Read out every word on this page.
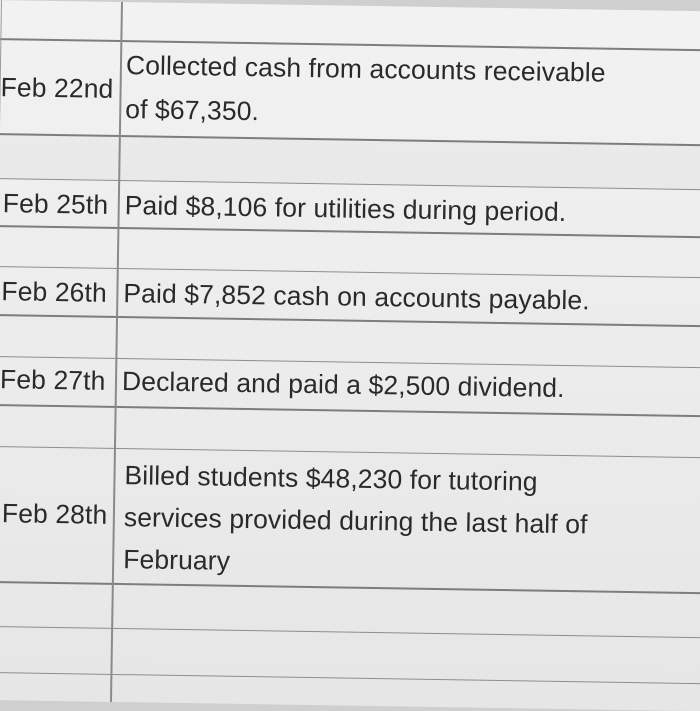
Feb 22nd
Collected cash from accounts receivable
of $67,350.
Feb 25th Paid $8,106 for utilities during period.
Feb 26th Paid $7,852 cash on accounts payable.
Feb 27th Declared and paid a $2,500 dividend.
Feb 28th
Billed students $48,230 for tutoring
services provided during the last half of
February
